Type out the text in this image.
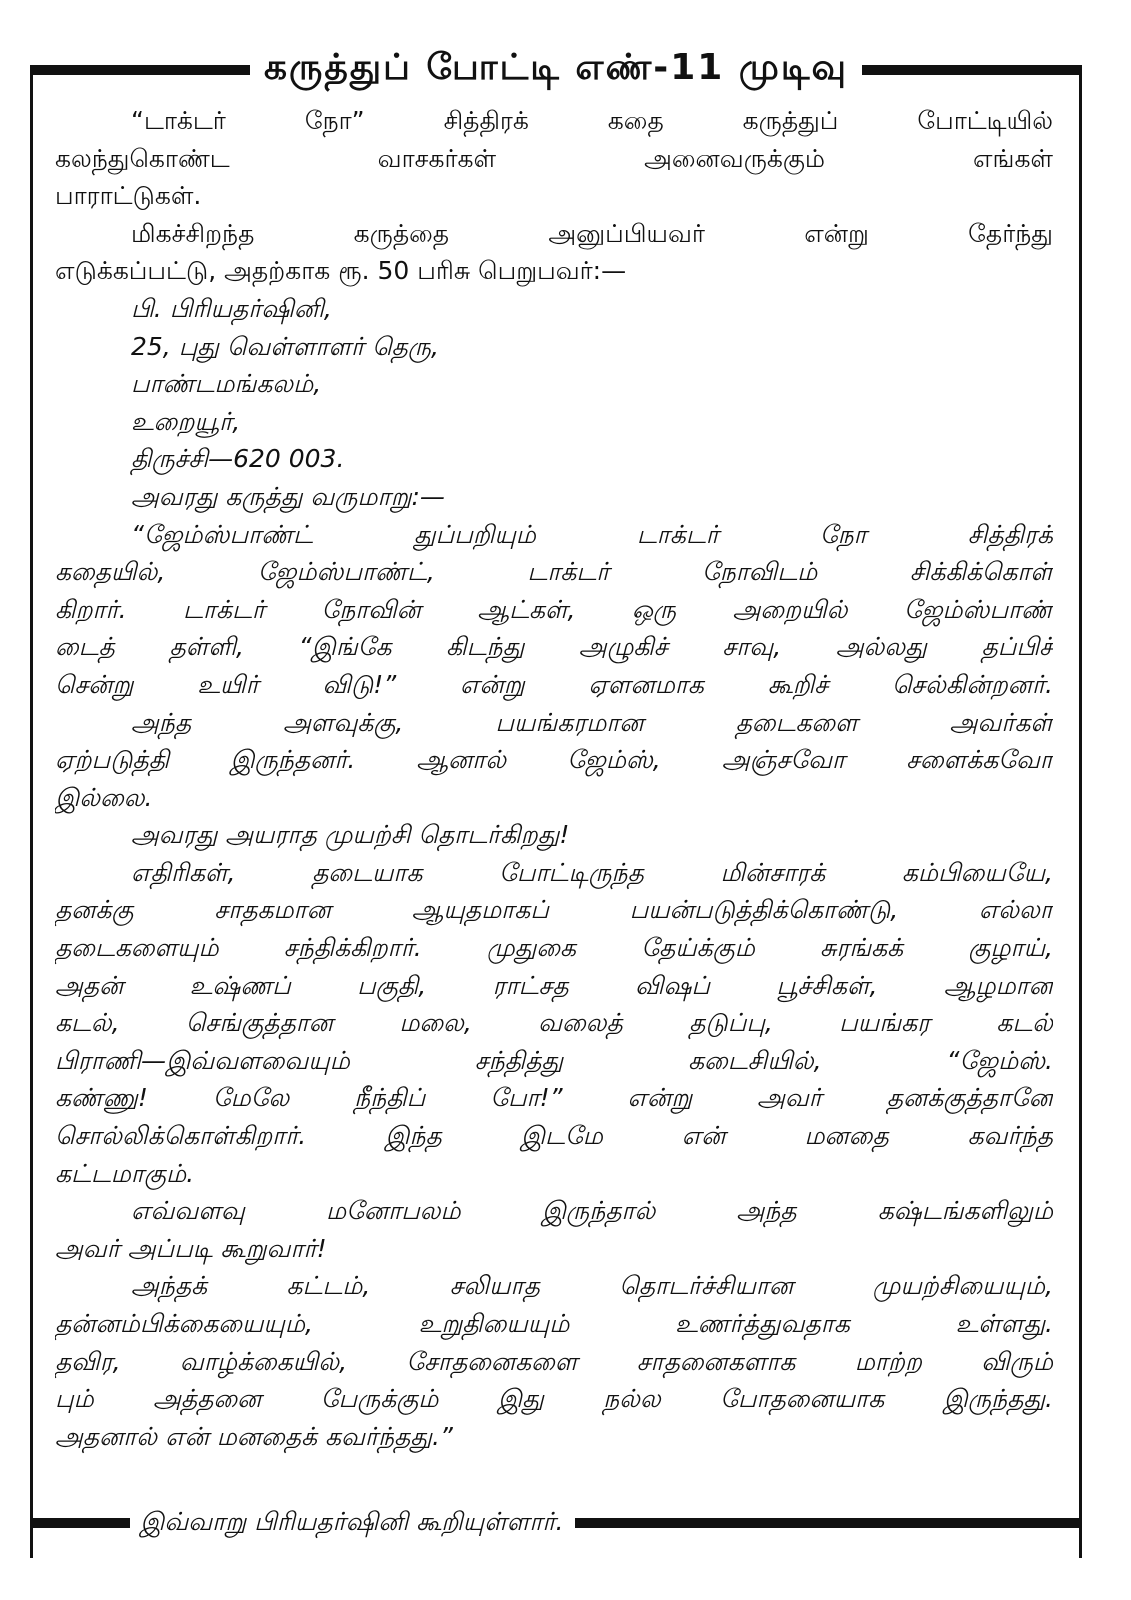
கருத்துப் போட்டி எண்-11 முடிவு
“டாக்டர் நோ” சித்திரக் கதை கருத்துப் போட்டியில்
கலந்துகொண்ட வாசகர்கள் அனைவருக்கும் எங்கள்
பாராட்டுகள்.
மிகச்சிறந்த கருத்தை அனுப்பியவர் என்று தேர்ந்து
எடுக்கப்பட்டு, அதற்காக ரூ. 50 பரிசு பெறுபவர்:—
பி. பிரியதர்ஷினி,
25, புது வெள்ளாளர் தெரு,
பாண்டமங்கலம்,
உறையூர்,
திருச்சி—620 003.
அவரது கருத்து வருமாறு:—
“ஜேம்ஸ்பாண்ட் துப்பறியும் டாக்டர் நோ சித்திரக்
கதையில், ஜேம்ஸ்பாண்ட், டாக்டர் நோவிடம் சிக்கிக்கொள்
கிறார். டாக்டர் நோவின் ஆட்கள், ஒரு அறையில் ஜேம்ஸ்பாண்
டைத் தள்ளி, “இங்கே கிடந்து அழுகிச் சாவு, அல்லது தப்பிச்
சென்று உயிர் விடு!” என்று ஏளனமாக கூறிச் செல்கின்றனர்.
அந்த அளவுக்கு, பயங்கரமான தடைகளை அவர்கள்
ஏற்படுத்தி இருந்தனர். ஆனால் ஜேம்ஸ், அஞ்சவோ சளைக்கவோ
இல்லை.
அவரது அயராத முயற்சி தொடர்கிறது!
எதிரிகள், தடையாக போட்டிருந்த மின்சாரக் கம்பியையே,
தனக்கு சாதகமான ஆயுதமாகப் பயன்படுத்திக்கொண்டு, எல்லா
தடைகளையும் சந்திக்கிறார். முதுகை தேய்க்கும் சுரங்கக் குழாய்,
அதன் உஷ்ணப் பகுதி, ராட்சத விஷப் பூச்சிகள், ஆழமான
கடல், செங்குத்தான மலை, வலைத் தடுப்பு, பயங்கர கடல்
பிராணி—இவ்வளவையும் சந்தித்து கடைசியில், “ஜேம்ஸ்.
கண்ணு! மேலே நீந்திப் போ!” என்று அவர் தனக்குத்தானே
சொல்லிக்கொள்கிறார். இந்த இடமே என் மனதை கவர்ந்த
கட்டமாகும்.
எவ்வளவு மனோபலம் இருந்தால் அந்த கஷ்டங்களிலும்
அவர் அப்படி கூறுவார்!
அந்தக் கட்டம், சலியாத தொடர்ச்சியான முயற்சியையும்,
தன்னம்பிக்கையையும், உறுதியையும் உணர்த்துவதாக உள்ளது.
தவிர, வாழ்க்கையில், சோதனைகளை சாதனைகளாக மாற்ற விரும்
பும் அத்தனை பேருக்கும் இது நல்ல போதனையாக இருந்தது.
அதனால் என் மனதைக் கவர்ந்தது.”
இவ்வாறு பிரியதர்ஷினி கூறியுள்ளார்.
